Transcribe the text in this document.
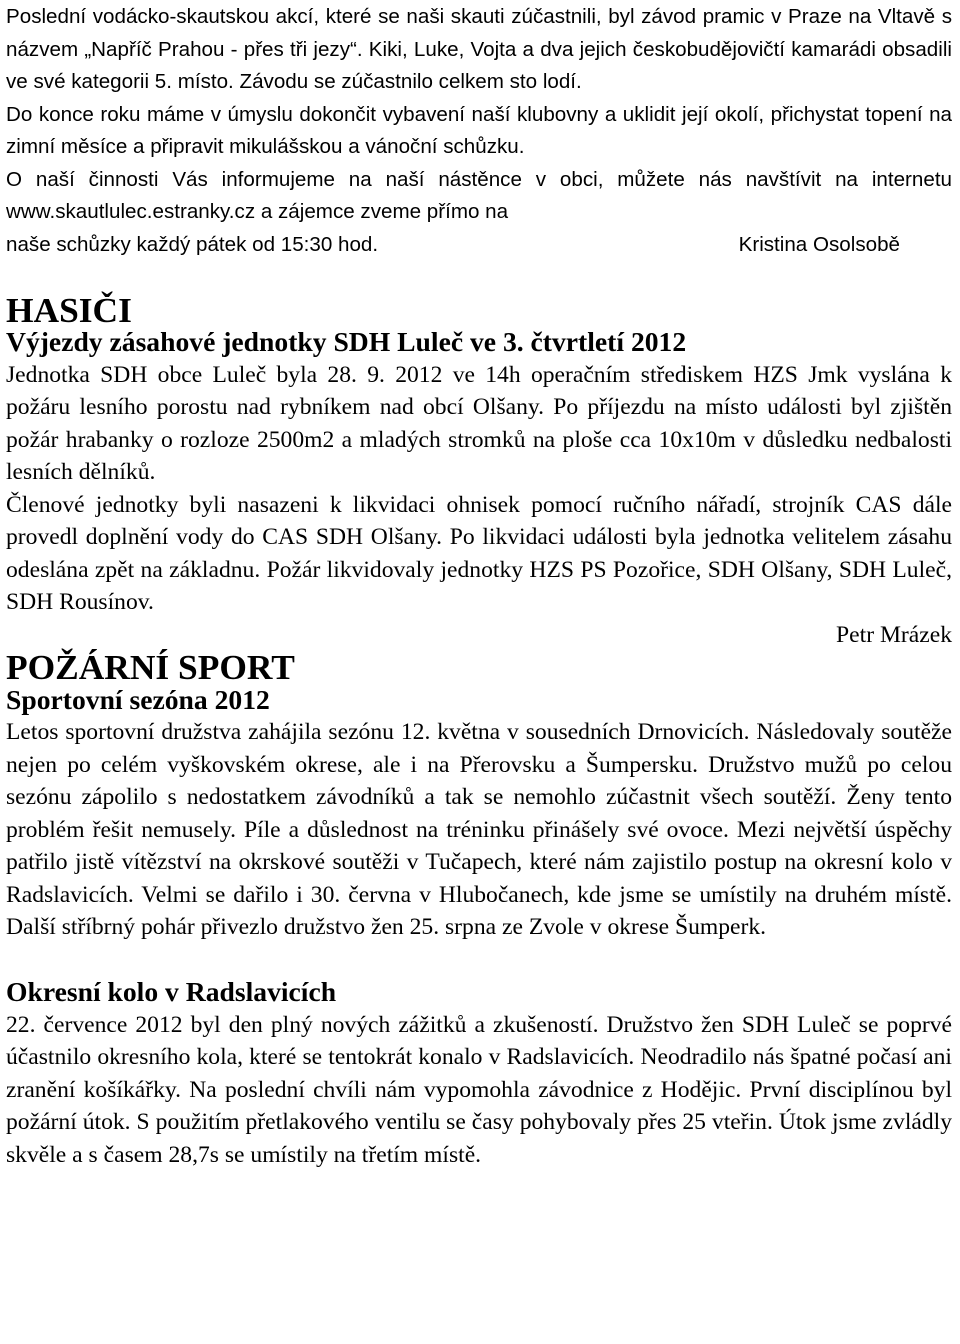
Poslední vodácko-skautskou akcí, které se naši skauti zúčastnili, byl závod pramic v Praze na Vltavě s názvem „Napříč Prahou - přes tři jezy“. Kiki, Luke, Vojta a dva jejich českobudějovičtí kamarádi obsadili ve své kategorii 5. místo. Závodu se zúčastnilo celkem sto lodí.

Do konce roku máme v úmyslu dokončit vybavení naší klubovny a uklidit její okolí, přichystat topení na zimní měsíce a připravit mikulášskou a vánoční schůzku.

O naší činnosti Vás informujeme na naší nástěnce v obci, můžete nás navštívit na internetu www.skautlulec.estranky.cz a zájemce zveme přímo na

naše schůzky každý pátek od 15:30 hod.	Kristina Osolsobě
HASIČI
Výjezdy zásahové jednotky SDH Luleč ve 3. čtvrtletí 2012

Jednotka SDH obce Luleč byla 28. 9. 2012 ve 14h operačním střediskem HZS Jmk vyslána k požáru lesního porostu nad rybníkem nad obcí Olšany. Po příjezdu na místo události byl zjištěn požár hrabanky o rozloze 2500m2 a mladých stromků na ploše cca 10x10m v důsledku nedbalosti lesních dělníků.

Členové jednotky byli nasazeni k likvidaci ohnisek pomocí ručního nářadí, strojník CAS dále provedl doplnění vody do CAS SDH Olšany. Po likvidaci události byla jednotka velitelem zásahu odeslána zpět na základnu. Požár likvidovaly jednotky HZS PS Pozořice, SDH Olšany, SDH Luleč, SDH Rousínov.

Petr Mrázek

POŽÁRNÍ SPORT
Sportovní sezóna 2012

Letos sportovní družstva zahájila sezónu 12. května v sousedních Drnovicích. Následovaly soutěže nejen po celém vyškovském okrese, ale i na Přerovsku a Šumpersku. Družstvo mužů po celou sezónu zápolilo s nedostatkem závodníků a tak se nemohlo zúčastnit všech soutěží. Ženy tento problém řešit nemusely. Píle a důslednost na tréninku přinášely své ovoce. Mezi největší úspěchy patřilo jistě vítězství na okrskové soutěži v Tučapech, které nám zajistilo postup na okresní kolo v Radslavicích. Velmi se dařilo i 30. června v Hlubočanech, kde jsme se umístily na druhém místě. Další stříbrný pohár přivezlo družstvo žen 25. srpna ze Zvole v okrese Šumperk.

Okresní kolo v Radslavicích

22. července 2012 byl den plný nových zážitků a zkušeností. Družstvo žen SDH Luleč se poprvé účastnilo okresního kola, které se tentokrát konalo v Radslavicích. Neodradilo nás špatné počasí ani zranění košíkářky. Na poslední chvíli nám vypomohla závodnice z Hodějic. První disciplínou byl požární útok. S použitím přetlakového ventilu se časy pohybovaly přes 25 vteřin. Útok jsme zvládly skvěle a s časem 28,7s se umístily na třetím místě.
